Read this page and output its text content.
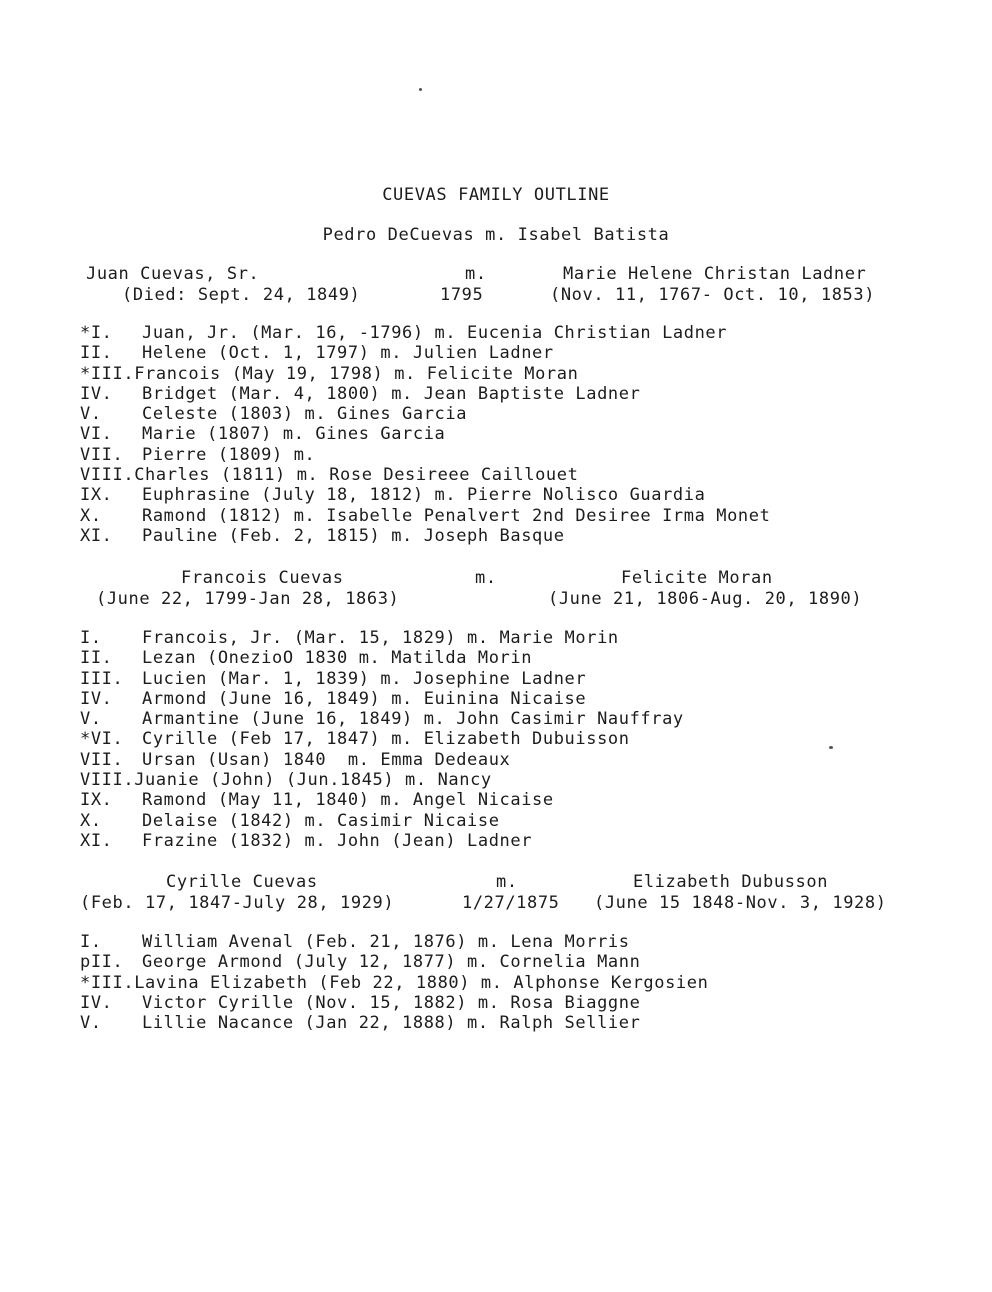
CUEVAS FAMILY OUTLINE
Pedro DeCuevas m. Isabel Batista
Juan Cuevas, Sr.	m.	Marie Helene Christan Ladner
(Died: Sept. 24, 1849)	1795	(Nov. 11, 1767- Oct. 10, 1853)
*I. Juan, Jr. (Mar. 16, -1796) m. Eucenia Christian Ladner
II. Helene (Oct. 1, 1797) m. Julien Ladner
*III.Francois (May 19, 1798) m. Felicite Moran
IV. Bridget (Mar. 4, 1800) m. Jean Baptiste Ladner
V. Celeste (1803) m. Gines Garcia
VI. Marie (1807) m. Gines Garcia
VII. Pierre (1809) m.
VIII.Charles (1811) m. Rose Desireee Caillouet
IX. Euphrasine (July 18, 1812) m. Pierre Nolisco Guardia
X. Ramond (1812) m. Isabelle Penalvert 2nd Desiree Irma Monet
XI. Pauline (Feb. 2, 1815) m. Joseph Basque
Francois Cuevas	m.	Felicite Moran
(June 22, 1799-Jan 28, 1863)	(June 21, 1806-Aug. 20, 1890)
I. Francois, Jr. (Mar. 15, 1829) m. Marie Morin
II. Lezan (OnezioO 1830 m. Matilda Morin
III. Lucien (Mar. 1, 1839) m. Josephine Ladner
IV. Armond (June 16, 1849) m. Euinina Nicaise
V. Armantine (June 16, 1849) m. John Casimir Nauffray
*VI. Cyrille (Feb 17, 1847) m. Elizabeth Dubuisson
VII. Ursan (Usan) 1840  m. Emma Dedeaux
VIII.Juanie (John) (Jun.1845) m. Nancy
IX. Ramond (May 11, 1840) m. Angel Nicaise
X. Delaise (1842) m. Casimir Nicaise
XI. Frazine (1832) m. John (Jean) Ladner
Cyrille Cuevas	m.	Elizabeth Dubusson
(Feb. 17, 1847-July 28, 1929)	1/27/1875 (June 15 1848-Nov. 3, 1928)
I. William Avenal (Feb. 21, 1876) m. Lena Morris
pII. George Armond (July 12, 1877) m. Cornelia Mann
*III.Lavina Elizabeth (Feb 22, 1880) m. Alphonse Kergosien
IV. Victor Cyrille (Nov. 15, 1882) m. Rosa Biaggne
V. Lillie Nacance (Jan 22, 1888) m. Ralph Sellier
